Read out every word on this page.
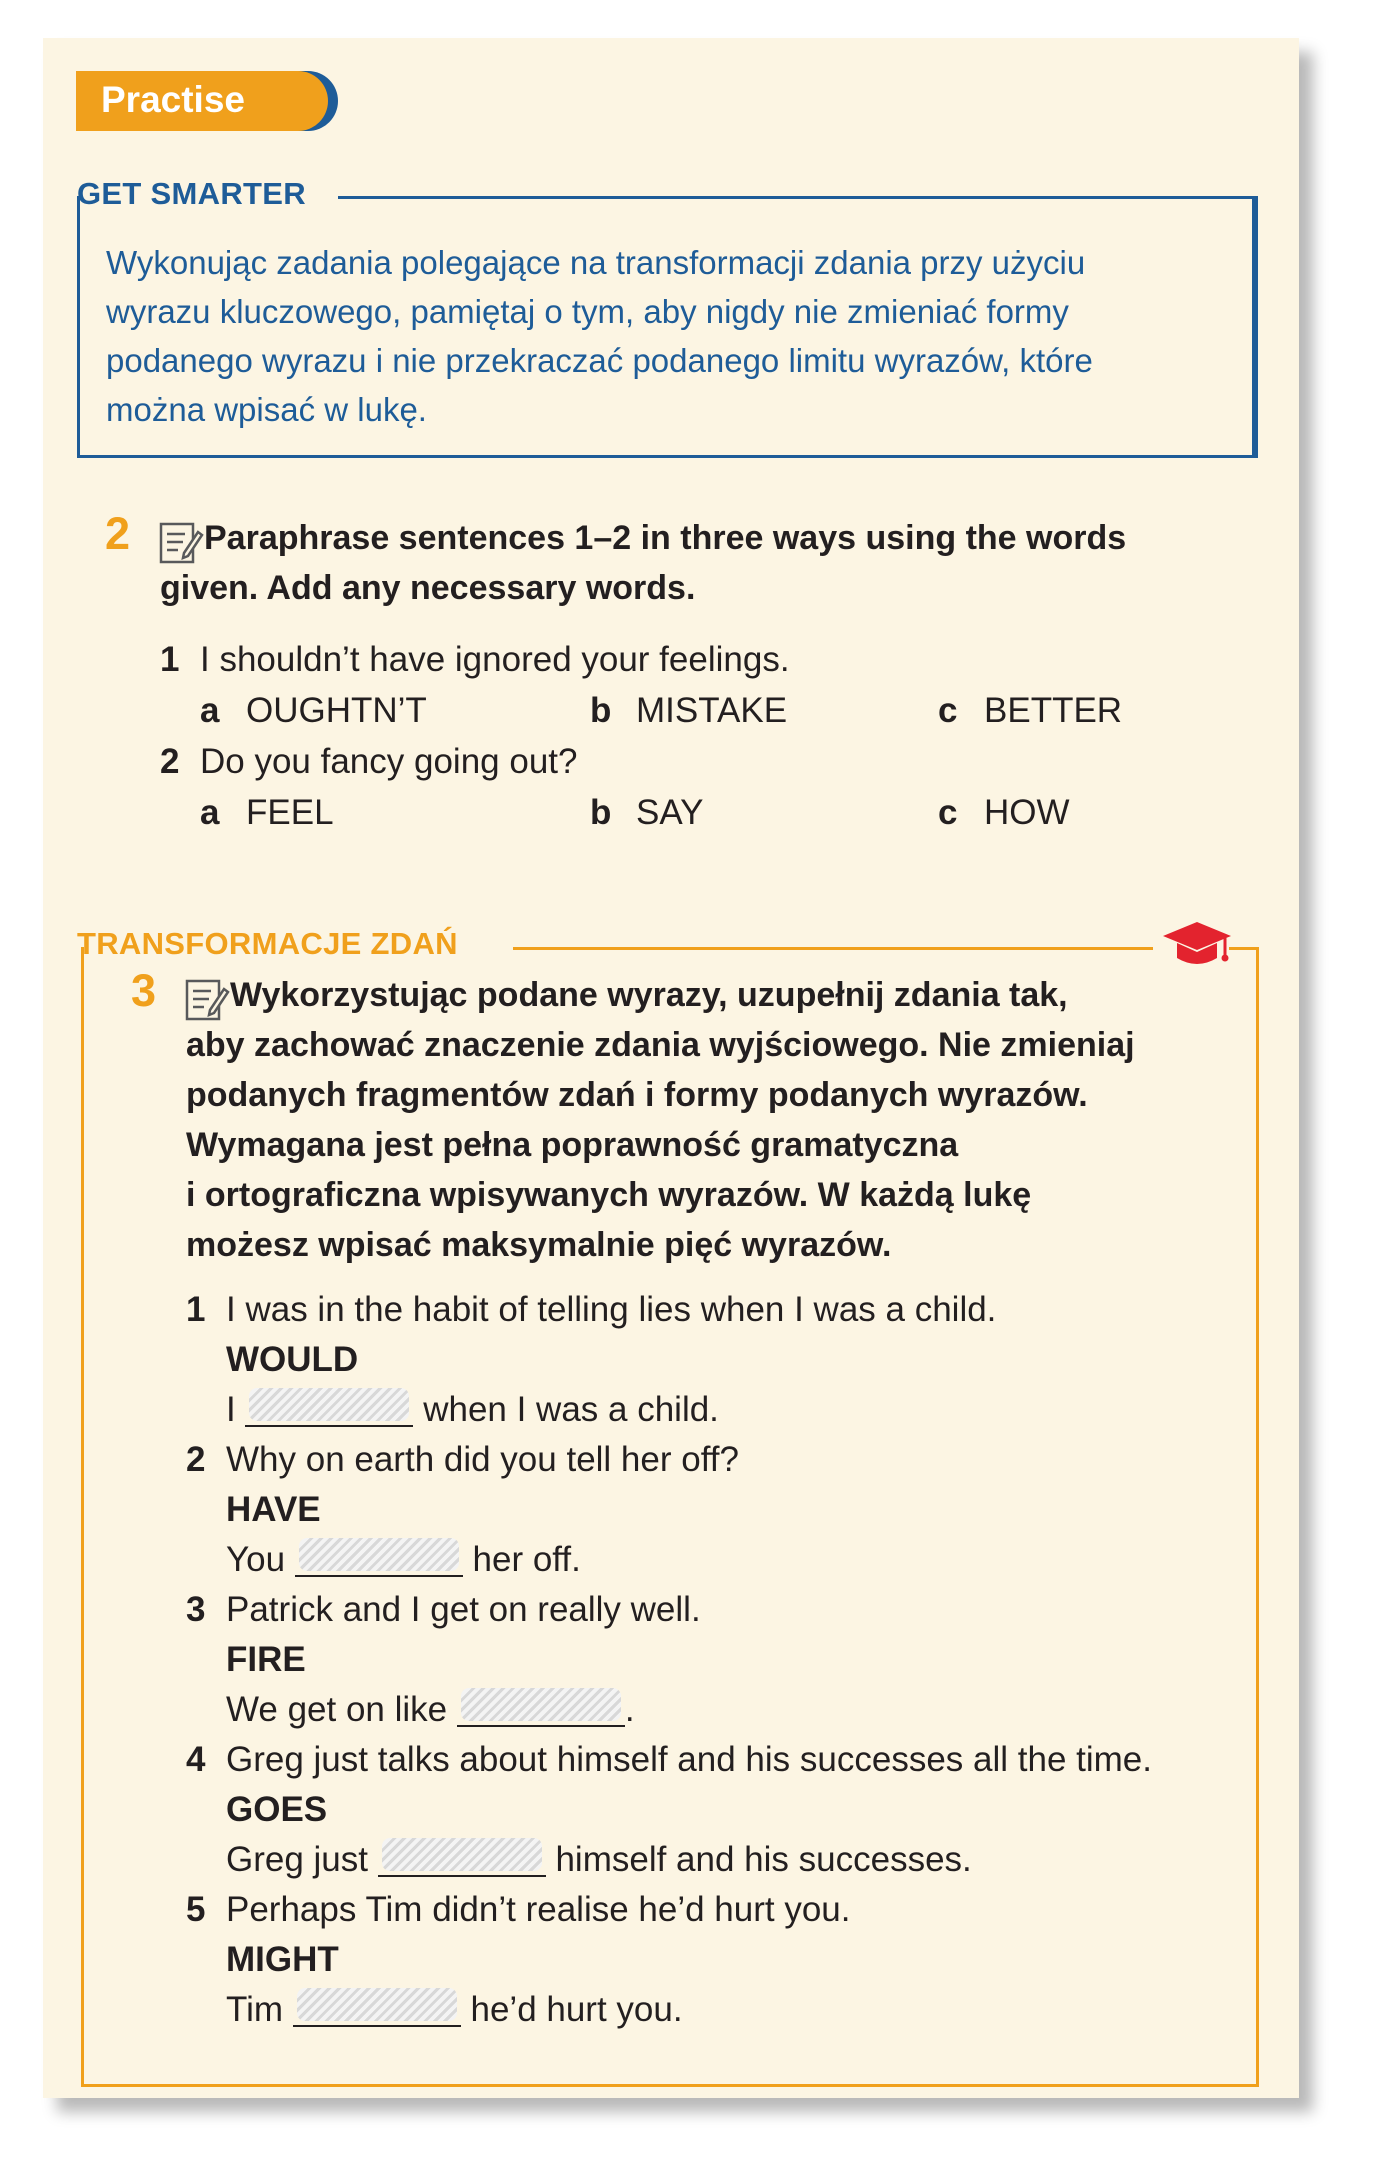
Practise
GET SMARTER
Wykonując zadania polegające na transformacji zdania przy użyciu
wyrazu kluczowego, pamiętaj o tym, aby nigdy nie zmieniać formy
podanego wyrazu i nie przekraczać podanego limitu wyrazów, które
można wpisać w lukę.
2	Paraphrase sentences 1–2 in three ways using the words
given. Add any necessary words.
1 I shouldn’t have ignored your feelings.
a OUGHTN’T	b MISTAKE	c BETTER
2 Do you fancy going out?
a FEEL	b SAY	c HOW
TRANSFORMACJE ZDAŃ
3	Wykorzystując podane wyrazy, uzupełnij zdania tak,
aby zachować znaczenie zdania wyjściowego. Nie zmieniaj
podanych fragmentów zdań i formy podanych wyrazów.
Wymagana jest pełna poprawność gramatyczna
i ortograficzna wpisywanych wyrazów. W każdą lukę
możesz wpisać maksymalnie pięć wyrazów.
1 I was in the habit of telling lies when I was a child.
WOULD
I	when I was a child.
2 Why on earth did you tell her off?
HAVE
You	her off.
3 Patrick and I get on really well.
FIRE
We get on like	.
4 Greg just talks about himself and his successes all the time.
GOES
Greg just	himself and his successes.
5 Perhaps Tim didn’t realise he’d hurt you.
MIGHT
Tim	he’d hurt you.
